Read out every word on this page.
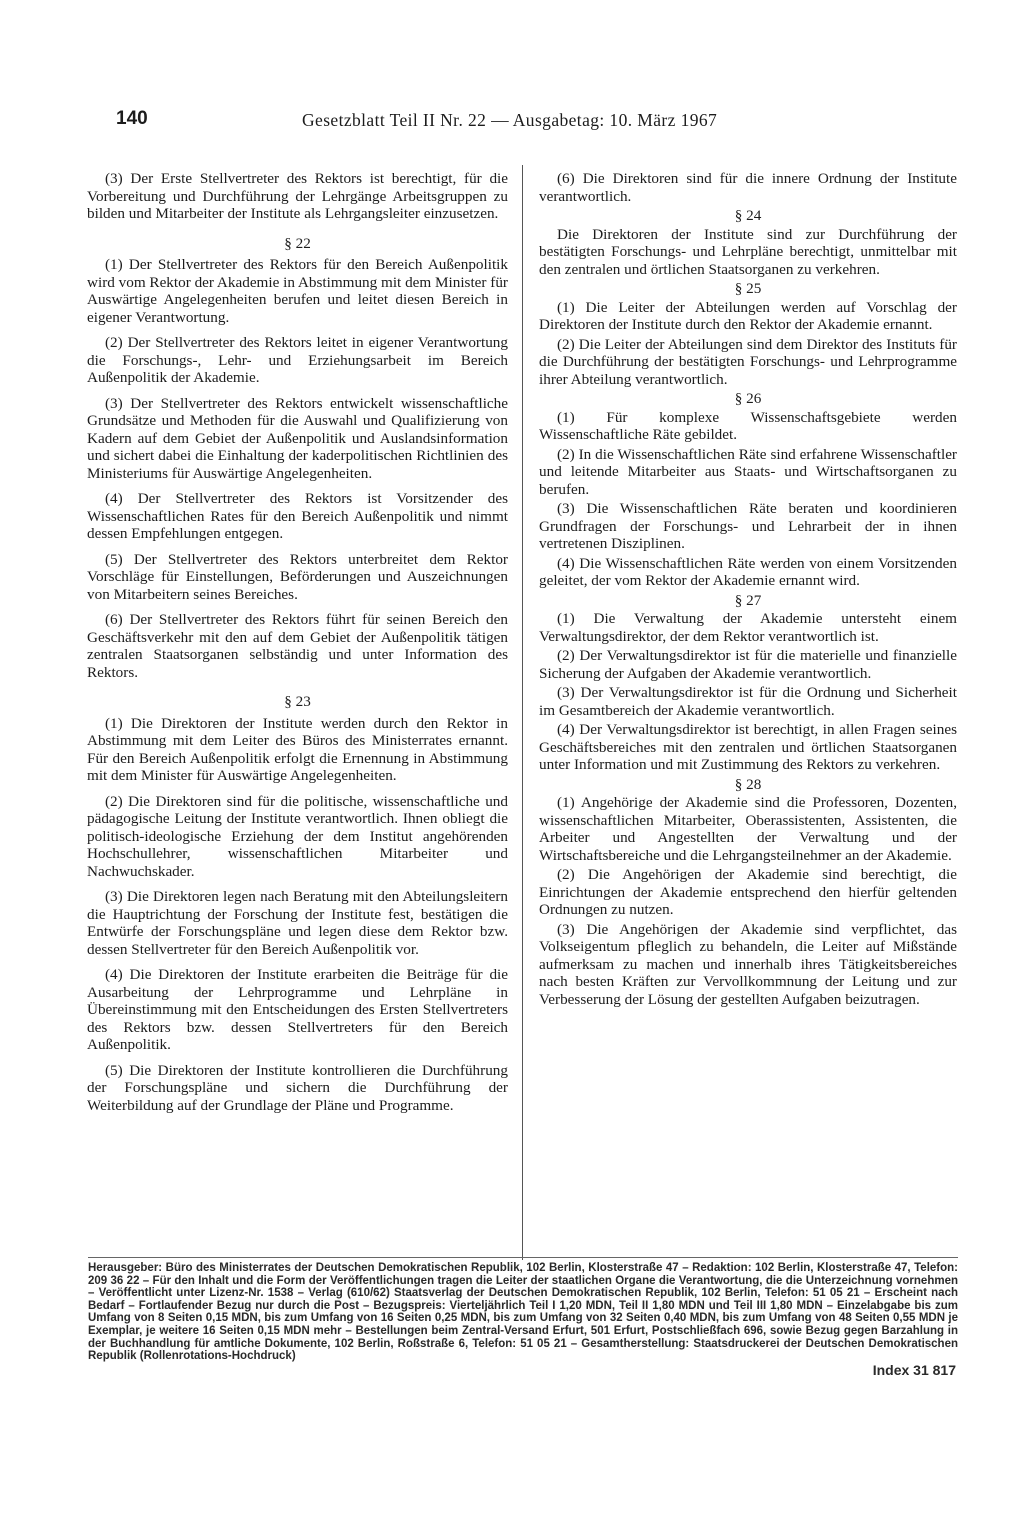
140	Gesetzblatt Teil II Nr. 22 — Ausgabetag: 10. März 1967
(3) Der Erste Stellvertreter des Rektors ist berechtigt, für die Vorbereitung und Durchführung der Lehrgänge Arbeitsgruppen zu bilden und Mitarbeiter der Institute als Lehrgangsleiter einzusetzen.
§ 22
(1) Der Stellvertreter des Rektors für den Bereich Außenpolitik wird vom Rektor der Akademie in Abstimmung mit dem Minister für Auswärtige Angelegenheiten berufen und leitet diesen Bereich in eigener Verantwortung.
(2) Der Stellvertreter des Rektors leitet in eigener Verantwortung die Forschungs-, Lehr- und Erziehungsarbeit im Bereich Außenpolitik der Akademie.
(3) Der Stellvertreter des Rektors entwickelt wissenschaftliche Grundsätze und Methoden für die Auswahl und Qualifizierung von Kadern auf dem Gebiet der Außenpolitik und Auslandsinformation und sichert dabei die Einhaltung der kaderpolitischen Richtlinien des Ministeriums für Auswärtige Angelegenheiten.
(4) Der Stellvertreter des Rektors ist Vorsitzender des Wissenschaftlichen Rates für den Bereich Außenpolitik und nimmt dessen Empfehlungen entgegen.
(5) Der Stellvertreter des Rektors unterbreitet dem Rektor Vorschläge für Einstellungen, Beförderungen und Auszeichnungen von Mitarbeitern seines Bereiches.
(6) Der Stellvertreter des Rektors führt für seinen Bereich den Geschäftsverkehr mit den auf dem Gebiet der Außenpolitik tätigen zentralen Staatsorganen selbständig und unter Information des Rektors.
§ 23
(1) Die Direktoren der Institute werden durch den Rektor in Abstimmung mit dem Leiter des Büros des Ministerrates ernannt. Für den Bereich Außenpolitik erfolgt die Ernennung in Abstimmung mit dem Minister für Auswärtige Angelegenheiten.
(2) Die Direktoren sind für die politische, wissenschaftliche und pädagogische Leitung der Institute verantwortlich. Ihnen obliegt die politisch-ideologische Erziehung der dem Institut angehörenden Hochschullehrer, wissenschaftlichen Mitarbeiter und Nachwuchskader.
(3) Die Direktoren legen nach Beratung mit den Abteilungsleitern die Hauptrichtung der Forschung der Institute fest, bestätigen die Entwürfe der Forschungspläne und legen diese dem Rektor bzw. dessen Stellvertreter für den Bereich Außenpolitik vor.
(4) Die Direktoren der Institute erarbeiten die Beiträge für die Ausarbeitung der Lehrprogramme und Lehrpläne in Übereinstimmung mit den Entscheidungen des Ersten Stellvertreters des Rektors bzw. dessen Stellvertreters für den Bereich Außenpolitik.
(5) Die Direktoren der Institute kontrollieren die Durchführung der Forschungspläne und sichern die Durchführung der Weiterbildung auf der Grundlage der Pläne und Programme.
(6) Die Direktoren sind für die innere Ordnung der Institute verantwortlich.
§ 24
Die Direktoren der Institute sind zur Durchführung der bestätigten Forschungs- und Lehrpläne berechtigt, unmittelbar mit den zentralen und örtlichen Staatsorganen zu verkehren.
§ 25
(1) Die Leiter der Abteilungen werden auf Vorschlag der Direktoren der Institute durch den Rektor der Akademie ernannt.
(2) Die Leiter der Abteilungen sind dem Direktor des Instituts für die Durchführung der bestätigten Forschungs- und Lehrprogramme ihrer Abteilung verantwortlich.
§ 26
(1) Für komplexe Wissenschaftsgebiete werden Wissenschaftliche Räte gebildet.
(2) In die Wissenschaftlichen Räte sind erfahrene Wissenschaftler und leitende Mitarbeiter aus Staats- und Wirtschaftsorganen zu berufen.
(3) Die Wissenschaftlichen Räte beraten und koordinieren Grundfragen der Forschungs- und Lehrarbeit der in ihnen vertretenen Disziplinen.
(4) Die Wissenschaftlichen Räte werden von einem Vorsitzenden geleitet, der vom Rektor der Akademie ernannt wird.
§ 27
(1) Die Verwaltung der Akademie untersteht einem Verwaltungsdirektor, der dem Rektor verantwortlich ist.
(2) Der Verwaltungsdirektor ist für die materielle und finanzielle Sicherung der Aufgaben der Akademie verantwortlich.
(3) Der Verwaltungsdirektor ist für die Ordnung und Sicherheit im Gesamtbereich der Akademie verantwortlich.
(4) Der Verwaltungsdirektor ist berechtigt, in allen Fragen seines Geschäftsbereiches mit den zentralen und örtlichen Staatsorganen unter Information und mit Zustimmung des Rektors zu verkehren.
§ 28
(1) Angehörige der Akademie sind die Professoren, Dozenten, wissenschaftlichen Mitarbeiter, Oberassistenten, Assistenten, die Arbeiter und Angestellten der Verwaltung und der Wirtschaftsbereiche und die Lehrgangsteilnehmer an der Akademie.
(2) Die Angehörigen der Akademie sind berechtigt, die Einrichtungen der Akademie entsprechend den hierfür geltenden Ordnungen zu nutzen.
(3) Die Angehörigen der Akademie sind verpflichtet, das Volkseigentum pfleglich zu behandeln, die Leiter auf Mißstände aufmerksam zu machen und innerhalb ihres Tätigkeitsbereiches nach besten Kräften zur Vervollkommnung der Leitung und zur Verbesserung der Lösung der gestellten Aufgaben beizutragen.
Herausgeber: Büro des Ministerrates der Deutschen Demokratischen Republik, 102 Berlin, Klosterstraße 47 – Redaktion: 102 Berlin, Klosterstraße 47, Telefon: 209 36 22 – Für den Inhalt und die Form der Veröffentlichungen tragen die Leiter der staatlichen Organe die Verantwortung, die die Unterzeichnung vornehmen – Veröffentlicht unter Lizenz-Nr. 1538 – Verlag (610/62) Staatsverlag der Deutschen Demokratischen Republik, 102 Berlin, Telefon: 51 05 21 – Erscheint nach Bedarf – Fortlaufender Bezug nur durch die Post – Bezugspreis: Vierteljährlich Teil I 1,20 MDN, Teil II 1,80 MDN und Teil III 1,80 MDN – Einzelabgabe bis zum Umfang von 8 Seiten 0,15 MDN, bis zum Umfang von 16 Seiten 0,25 MDN, bis zum Umfang von 32 Seiten 0,40 MDN, bis zum Umfang von 48 Seiten 0,55 MDN je Exemplar, je weitere 16 Seiten 0,15 MDN mehr – Bestellungen beim Zentral-Versand Erfurt, 501 Erfurt, Postschließfach 696, sowie Bezug gegen Barzahlung in der Buchhandlung für amtliche Dokumente, 102 Berlin, Roßstraße 6, Telefon: 51 05 21 – Gesamtherstellung: Staatsdruckerei der Deutschen Demokratischen Republik (Rollenrotations-Hochdruck)
Index 31 817
